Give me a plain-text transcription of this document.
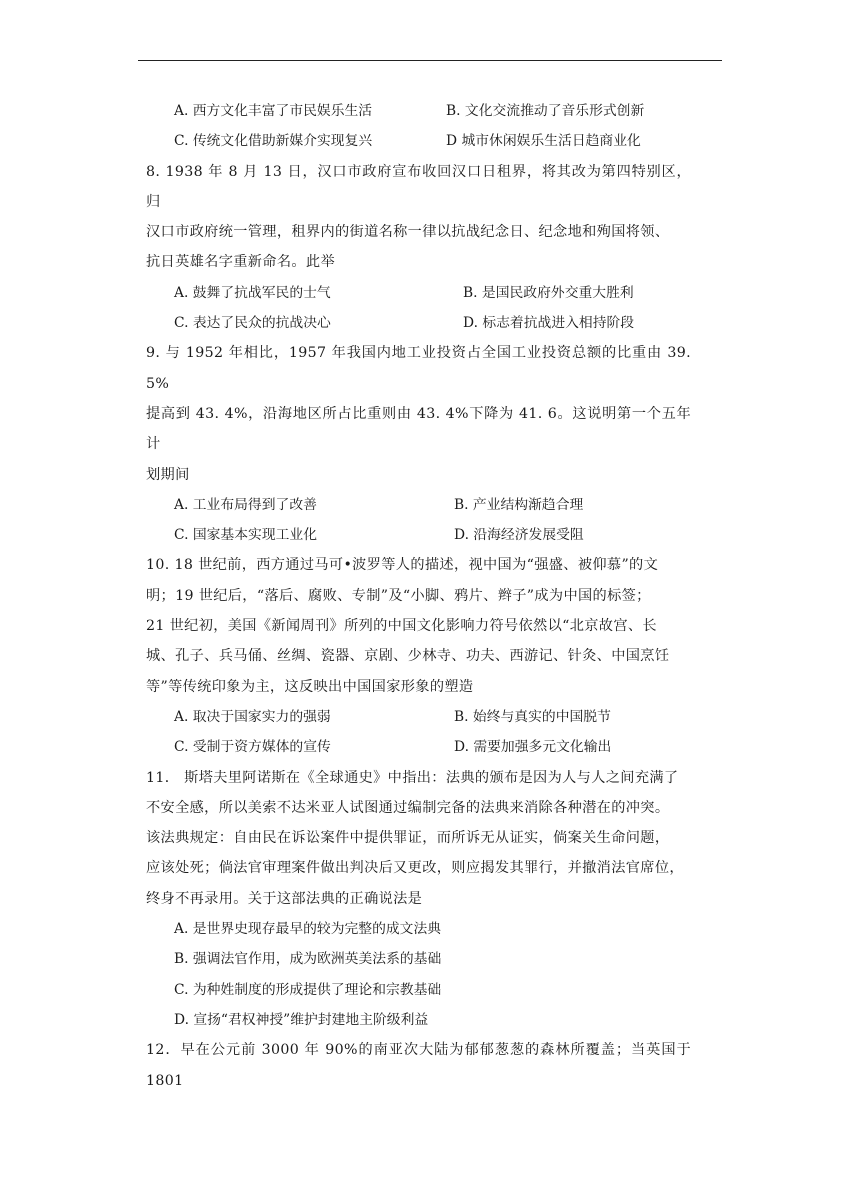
A. 西方文化丰富了市民娱乐生活	B. 文化交流推动了音乐形式创新
C. 传统文化借助新媒介实现复兴	D 城市休闲娱乐生活日趋商业化

8. 1938 年 8 月 13 日，汉口市政府宣布收回汉口日租界，将其改为第四特别区，归

汉口市政府统一管理，租界内的街道名称一律以抗战纪念日、纪念地和殉国将领、

抗日英雄名字重新命名。此举

A. 鼓舞了抗战军民的士气	B. 是国民政府外交重大胜利
C. 表达了民众的抗战决心	D. 标志着抗战进入相持阶段

9. 与 1952 年相比，1957 年我国内地工业投资占全国工业投资总额的比重由 39. 5%

提高到 43. 4%，沿海地区所占比重则由 43. 4%下降为 41. 6。这说明第一个五年计

划期间

A. 工业布局得到了改善	B. 产业结构渐趋合理
C. 国家基本实现工业化	D. 沿海经济发展受阻

10. 18 世纪前，西方通过马可•波罗等人的描述，视中国为“强盛、被仰慕”的文

明；19 世纪后，“落后、腐败、专制”及“小脚、鸦片、辫子”成为中国的标签；

21 世纪初，美国《新闻周刊》所列的中国文化影响力符号依然以“北京故宫、长

城、孔子、兵马俑、丝绸、瓷器、京剧、少林寺、功夫、西游记、针灸、中国烹饪

等”等传统印象为主，这反映出中国国家形象的塑造

A. 取决于国家实力的强弱	B. 始终与真实的中国脱节
C. 受制于资方媒体的宣传	D. 需要加强多元文化输出

11． 斯塔夫里阿诺斯在《全球通史》中指出：法典的颁布是因为人与人之间充满了

不安全感，所以美索不达米亚人试图通过编制完备的法典来消除各种潜在的冲突。

该法典规定：自由民在诉讼案件中提供罪证，而所诉无从证实，倘案关生命问题，

应该处死；倘法官审理案件做出判决后又更改，则应揭发其罪行，并撤消法官席位，

终身不再录用。关于这部法典的正确说法是

A. 是世界史现存最早的较为完整的成文法典
B. 强调法官作用，成为欧洲英美法系的基础
C. 为种姓制度的形成提供了理论和宗教基础
D. 宣扬“君权神授”维护封建地主阶级利益

12．早在公元前 3000 年 90%的南亚次大陆为郁郁葱葱的森林所覆盖；当英国于 1801
